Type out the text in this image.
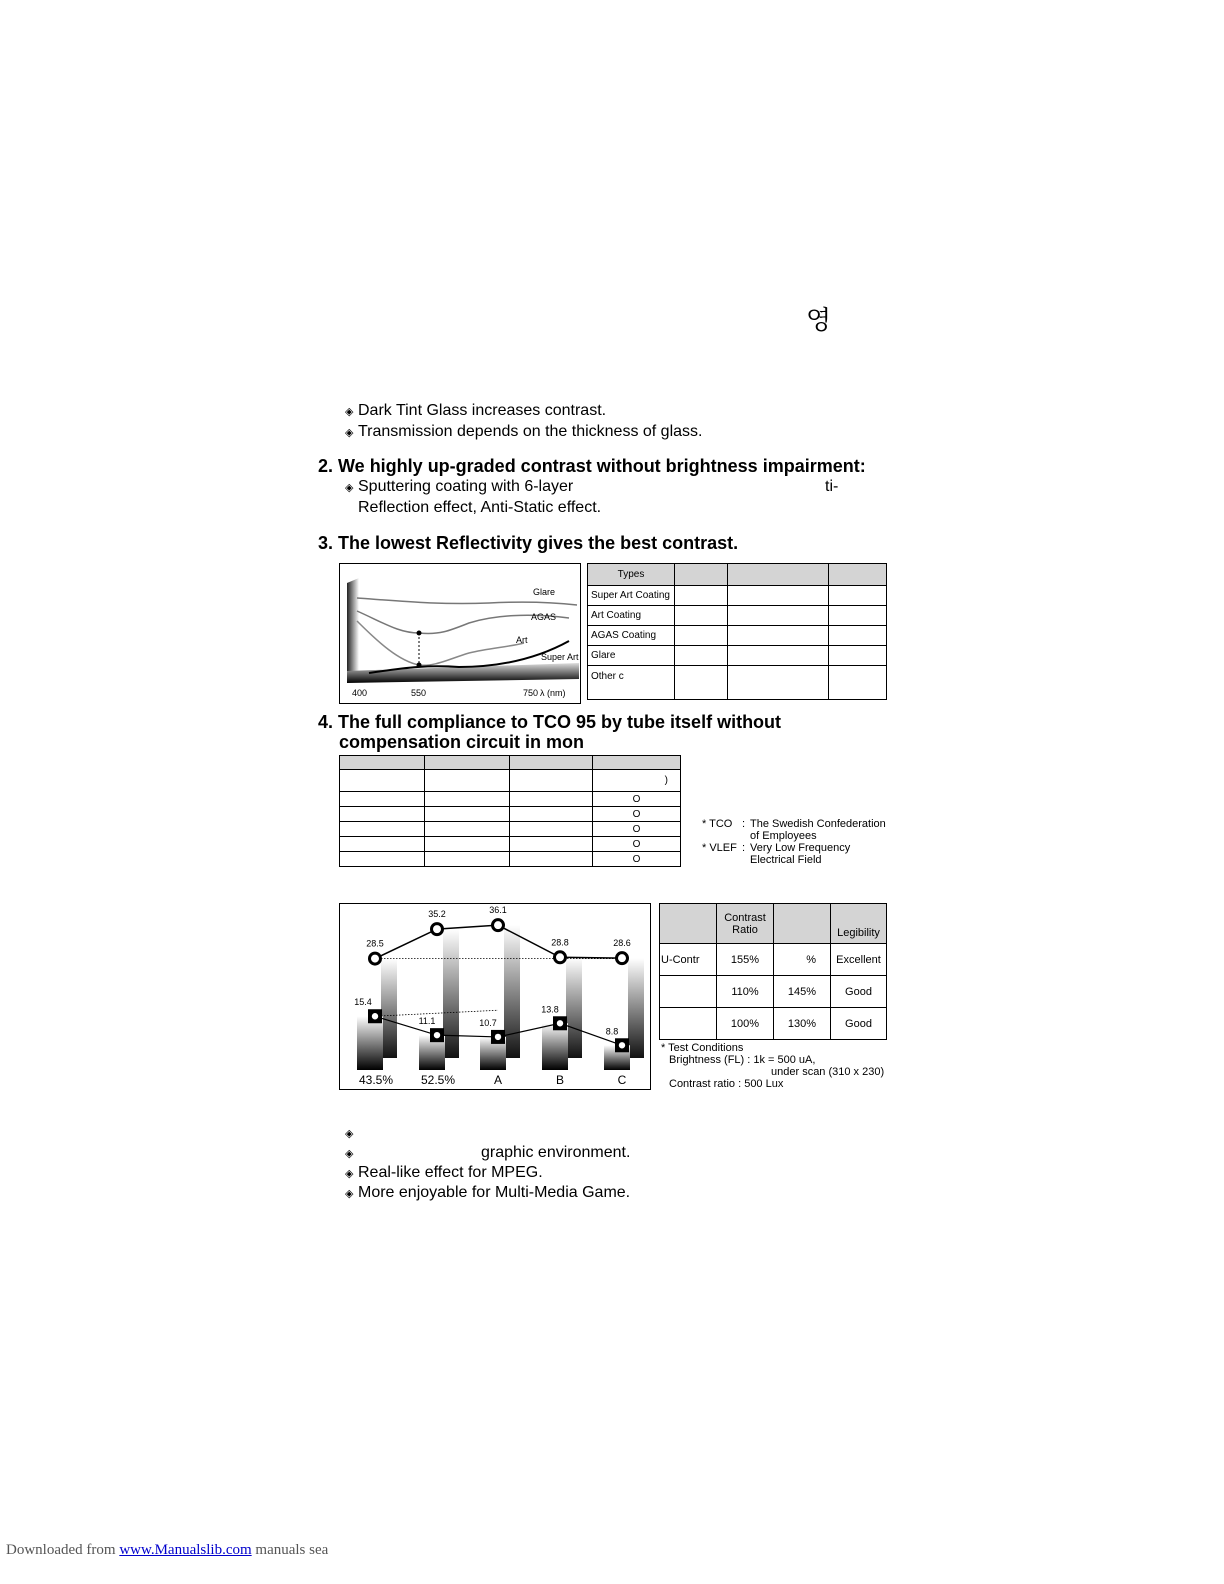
영
◈ Dark Tint Glass increases contrast.
◈ Transmission depends on the thickness of glass.
2. We highly up-graded contrast without brightness impairment:
◈ Sputtering coating with 6-layer	ti-
Reflection effect, Anti-Static effect.
3. The lowest Reflectivity gives the best contrast.
Glare
AGAS
Art
Super Art
400	550	750 λ (nm)
Types			
Super Art Coating			
Art Coating			
AGAS Coating			
Glare			
Other c			
4. The full compliance to TCO 95 by tube itself without
compensation circuit in mon

			)
			O
			O
			O
			O
			O
* TCO : The Swedish Confederation
of Employees
* VLEF : Very Low Frequency
Electrical Field
28.5
35.2	36.1
28.8	28.6
15.4
11.1	10.7
13.8
8.8
43.5% 52.5%	A	B	C
	Contrast
Ratio		Legibility
U-Contr	155%	%	Excellent
	110%	145%	Good
	100%	130%	Good
* Test Conditions
Brightness (FL) : 1k = 500 uA,
under scan (310 x 230)
Contrast ratio : 500 Lux
◈
◈	graphic environment.
◈ Real-like effect for MPEG.
◈ More enjoyable for Multi-Media Game.
Downloaded from www.Manualslib.com manuals sea
